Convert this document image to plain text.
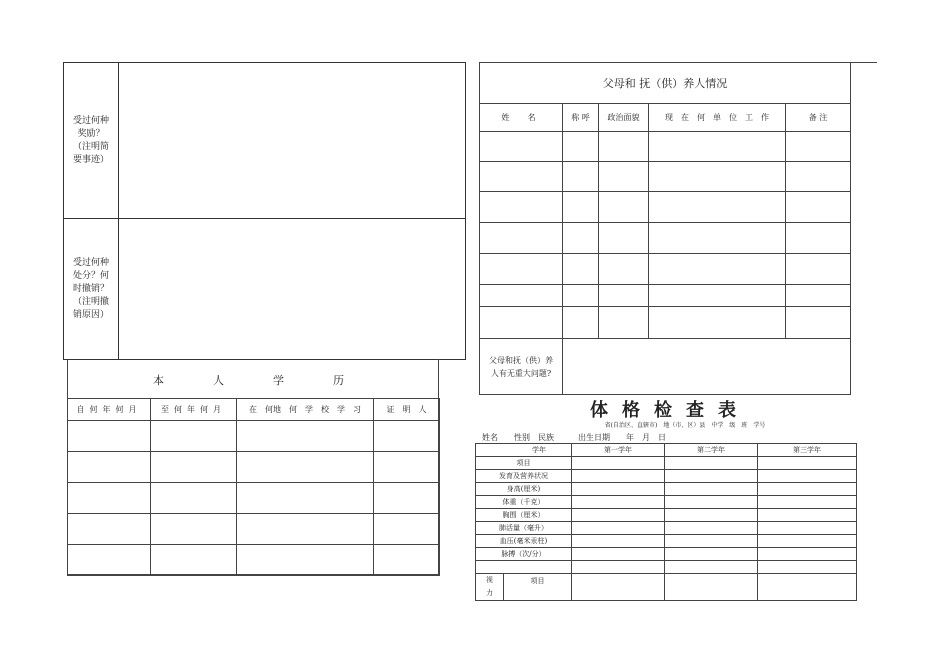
受过何种奖励？（注明简要事迹）	
受过何种处分？何时撤销？（注明撤销原因）	
本　　人　　学　　历
自何年何月	至何年何月	在　何地　何　学　校　学　习	证　明　人

父母和 抚（供）养人情况				
姓　名	称 呼	政治面貌	现　在　何　单　位　工　作	备 注

父母和抚（供）养人有无重大问题?				
体格检查表
省(自治区、直辖市)　地（市、区）县　中学　级　班　学号
姓名　　性别　民族　　　出生日期　　年　月　日
学年		第一学年	第二学年	第三学年
项目				
发育及营养状况				
身高(厘米)				
体重（千克）				
胸围（厘米）				
肺活量（毫升）				
血压(毫米汞柱)				
脉搏（次/分）				

视力	项目			
